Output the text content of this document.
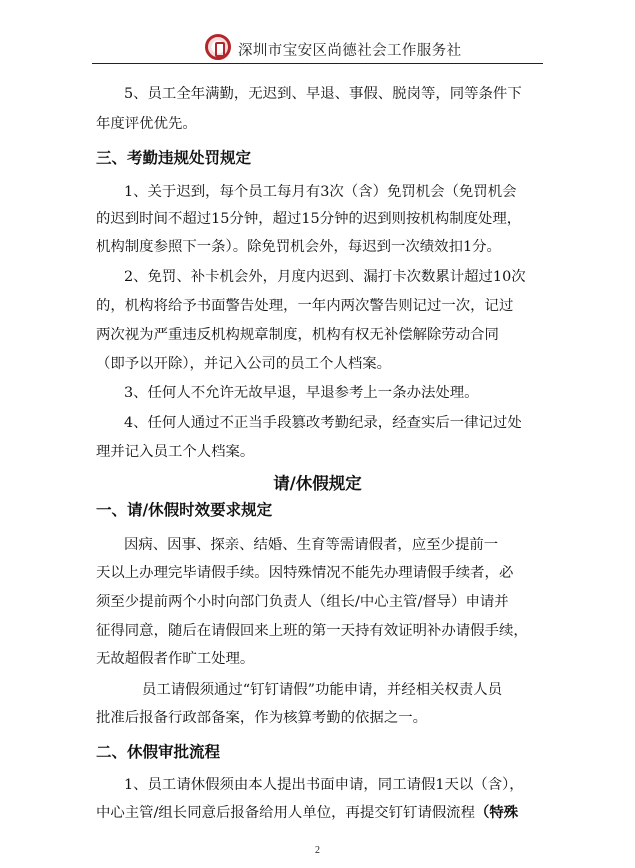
深圳市宝安区尚德社会工作服务社
5、员工全年满勤，无迟到、早退、事假、脱岗等，同等条件下
年度评优优先。
三、考勤违规处罚规定
1、关于迟到，每个员工每月有3次（含）免罚机会（免罚机会
的迟到时间不超过15分钟，超过15分钟的迟到则按机构制度处理，
机构制度参照下一条）。除免罚机会外，每迟到一次绩效扣1分。
2、免罚、补卡机会外，月度内迟到、漏打卡次数累计超过10次
的，机构将给予书面警告处理，一年内两次警告则记过一次，记过
两次视为严重违反机构规章制度，机构有权无补偿解除劳动合同
（即予以开除），并记入公司的员工个人档案。
3、任何人不允许无故早退，早退参考上一条办法处理。
4、任何人通过不正当手段篡改考勤纪录，经查实后一律记过处
理并记入员工个人档案。
请/休假规定
一、请/休假时效要求规定
因病、因事、探亲、结婚、生育等需请假者，应至少提前一
天以上办理完毕请假手续。因特殊情况不能先办理请假手续者，必
须至少提前两个小时向部门负责人（组长/中心主管/督导）申请并
征得同意，随后在请假回来上班的第一天持有效证明补办请假手续，
无故超假者作旷工处理。
员工请假须通过“钉钉请假”功能申请，并经相关权责人员
批准后报备行政部备案，作为核算考勤的依据之一。
二、休假审批流程
1、员工请休假须由本人提出书面申请，同工请假1天以（含），
中心主管/组长同意后报备给用人单位，再提交钉钉请假流程（特殊
2
